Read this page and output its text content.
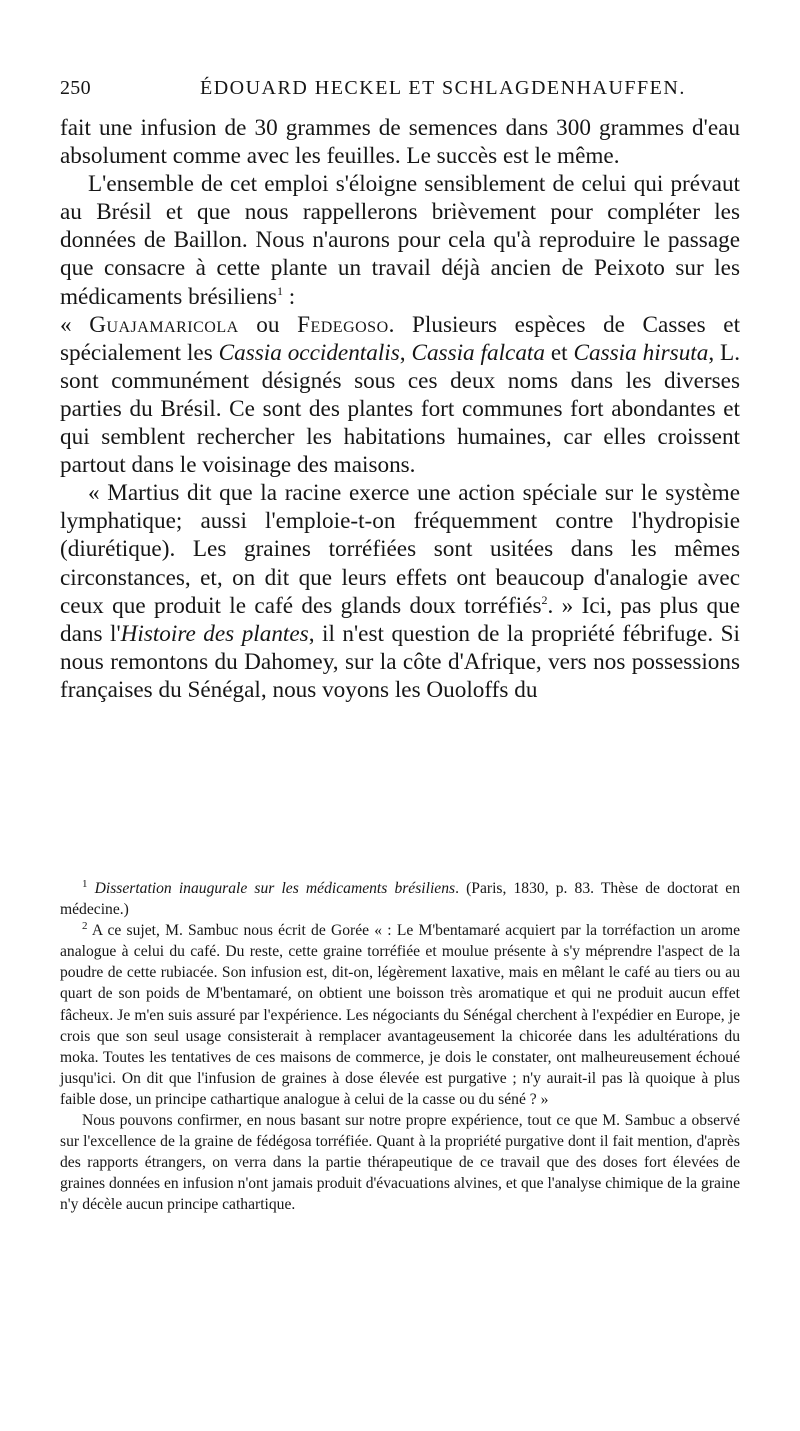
250	ÉDOUARD HECKEL ET SCHLAGDENHAUFFEN.

fait une infusion de 30 grammes de semences dans 300 grammes d'eau absolument comme avec les feuilles. Le succès est le même.

L'ensemble de cet emploi s'éloigne sensiblement de celui qui prévaut au Brésil et que nous rappellerons brièvement pour compléter les données de Baillon. Nous n'aurons pour cela qu'à reproduire le passage que consacre à cette plante un travail déjà ancien de Peixoto sur les médicaments brésiliens$^1$ :

« Guajamaricola ou Fedegoso. Plusieurs espèces de Casses et spécialement les Cassia occidentalis, Cassia falcata et Cassia hirsuta, L. sont communément désignés sous ces deux noms dans les diverses parties du Brésil. Ce sont des plantes fort communes fort abondantes et qui semblent rechercher les habitations humaines, car elles croissent partout dans le voisinage des maisons.

« Martius dit que la racine exerce une action spéciale sur le système lymphatique; aussi l'emploie-t-on fréquemment contre l'hydropisie (diurétique). Les graines torréfiées sont usitées dans les mêmes circonstances, et, on dit que leurs effets ont beaucoup d'analogie avec ceux que produit le café des glands doux torréfiés$^2$. » Ici, pas plus que dans l'Histoire des plantes, il n'est question de la propriété fébrifuge. Si nous remontons du Dahomey, sur la côte d'Afrique, vers nos possessions françaises du Sénégal, nous voyons les Ouoloffs du

$^1$ Dissertation inaugurale sur les médicaments brésiliens. (Paris, 1830, p. 83. Thèse de doctorat en médecine.)

$^2$ A ce sujet, M. Sambuc nous écrit de Gorée « : Le M'bentamaré acquiert par la torréfaction un arome analogue à celui du café. Du reste, cette graine torréfiée et moulue présente à s'y méprendre l'aspect de la poudre de cette rubiacée. Son infusion est, dit-on, légèrement laxative, mais en mêlant le café au tiers ou au quart de son poids de M'bentamaré, on obtient une boisson très aromatique et qui ne produit aucun effet fâcheux. Je m'en suis assuré par l'expérience. Les négociants du Sénégal cherchent à l'expédier en Europe, je crois que son seul usage consisterait à remplacer avantageusement la chicorée dans les adultérations du moka. Toutes les tentatives de ces maisons de commerce, je dois le constater, ont malheureusement échoué jusqu'ici. On dit que l'infusion de graines à dose élevée est purgative ; n'y aurait-il pas là quoique à plus faible dose, un principe cathartique analogue à celui de la casse ou du séné ? »

Nous pouvons confirmer, en nous basant sur notre propre expérience, tout ce que M. Sambuc a observé sur l'excellence de la graine de fédégosa torréfiée. Quant à la propriété purgative dont il fait mention, d'après des rapports étrangers, on verra dans la partie thérapeutique de ce travail que des doses fort élevées de graines données en infusion n'ont jamais produit d'évacuations alvines, et que l'analyse chimique de la graine n'y décèle aucun principe cathartique.
